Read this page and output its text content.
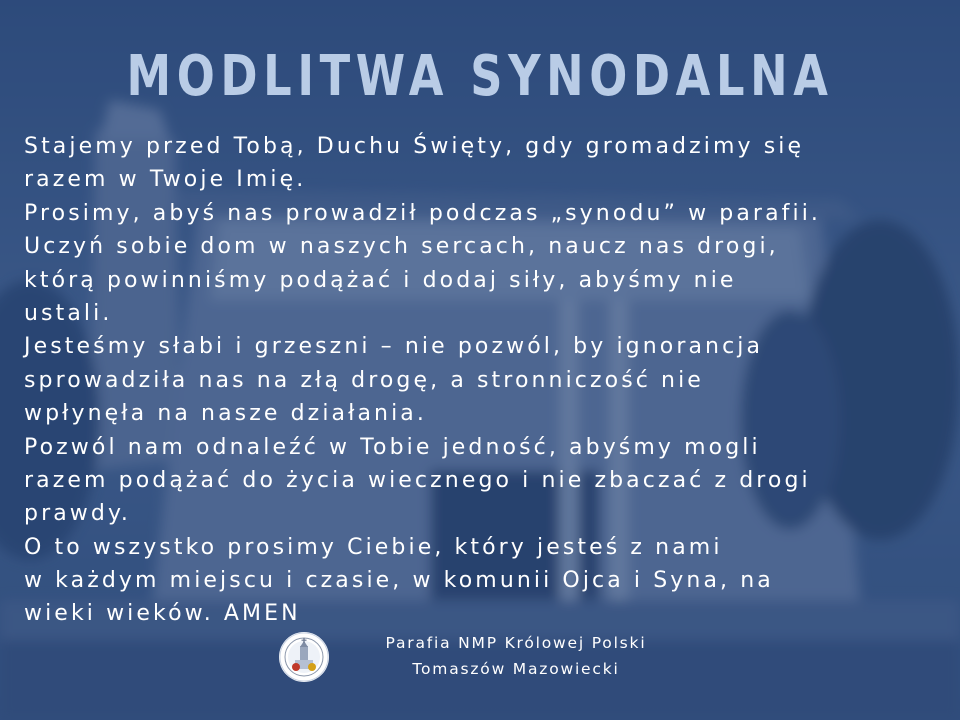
MODLITWA SYNODALNA
Stajemy przed Tobą, Duchu Święty, gdy gromadzimy się
razem w Twoje Imię.
Prosimy, abyś nas prowadził podczas „synodu” w parafii.
Uczyń sobie dom w naszych sercach, naucz nas drogi,
którą powinniśmy podążać i dodaj siły, abyśmy nie
ustali.
Jesteśmy słabi i grzeszni – nie pozwól, by ignorancja
sprowadziła nas na złą drogę, a stronniczość nie
wpłynęła na nasze działania.
Pozwól nam odnaleźć w Tobie jedność, abyśmy mogli
razem podążać do życia wiecznego i nie zbaczać z drogi
prawdy.
O to wszystko prosimy Ciebie, który jesteś z nami
w każdym miejscu i czasie, w komunii Ojca i Syna, na
wieki wieków. AMEN
Parafia NMP Królowej Polski
Tomaszów Mazowiecki
